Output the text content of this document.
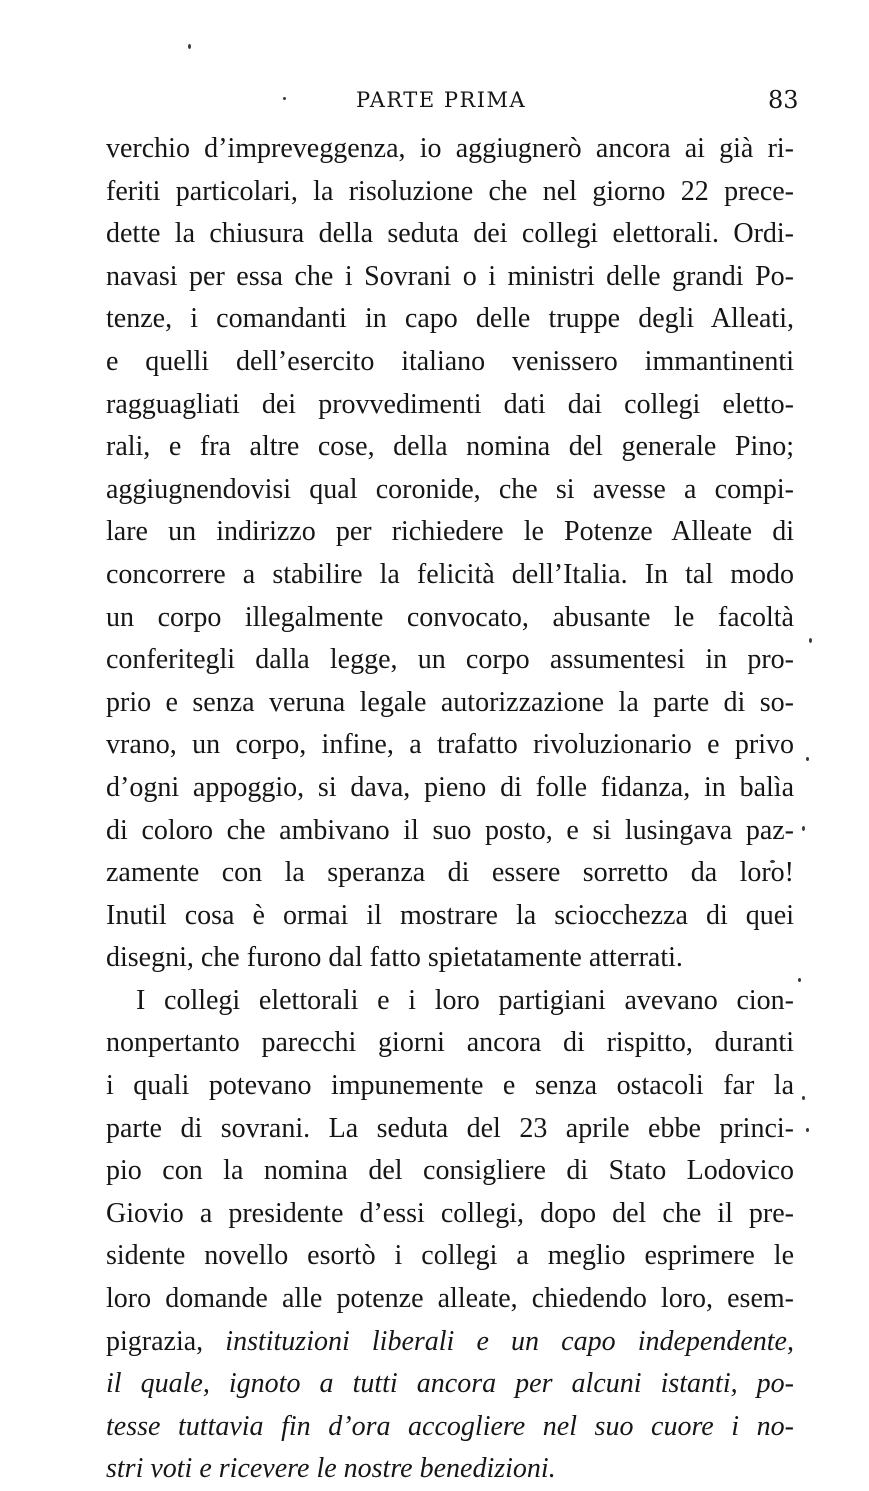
PARTE PRIMA	83
verchio d’impreveggenza, io aggiugnerò ancora ai già ri-
feriti particolari, la risoluzione che nel giorno 22 prece-
dette la chiusura della seduta dei collegi elettorali. Ordi-
navasi per essa che i Sovrani o i ministri delle grandi Po-
tenze, i comandanti in capo delle truppe degli Alleati,
e quelli dell’esercito italiano venissero immantinenti
ragguagliati dei provvedimenti dati dai collegi eletto-
rali, e fra altre cose, della nomina del generale Pino;
aggiugnendovisi qual coronide, che si avesse a compi-
lare un indirizzo per richiedere le Potenze Alleate di
concorrere a stabilire la felicità dell’Italia. In tal modo
un corpo illegalmente convocato, abusante le facoltà
conferitegli dalla legge, un corpo assumentesi in pro-
prio e senza veruna legale autorizzazione la parte di so-
vrano, un corpo, infine, a trafatto rivoluzionario e privo
d’ogni appoggio, si dava, pieno di folle fidanza, in balìa
di coloro che ambivano il suo posto, e si lusingava paz-
zamente con la speranza di essere sorretto da loro!
Inutil cosa è ormai il mostrare la sciocchezza di quei
disegni, che furono dal fatto spietatamente atterrati.
I collegi elettorali e i loro partigiani avevano cion-
nonpertanto parecchi giorni ancora di rispitto, duranti
i quali potevano impunemente e senza ostacoli far la
parte di sovrani. La seduta del 23 aprile ebbe princi-
pio con la nomina del consigliere di Stato Lodovico
Giovio a presidente d’essi collegi, dopo del che il pre-
sidente novello esortò i collegi a meglio esprimere le
loro domande alle potenze alleate, chiedendo loro, esem-
pigrazia, instituzioni liberali e un capo independente,
il quale, ignoto a tutti ancora per alcuni istanti, po-
tesse tuttavia fin d’ora accogliere nel suo cuore i no-
stri voti e ricevere le nostre benedizioni.
